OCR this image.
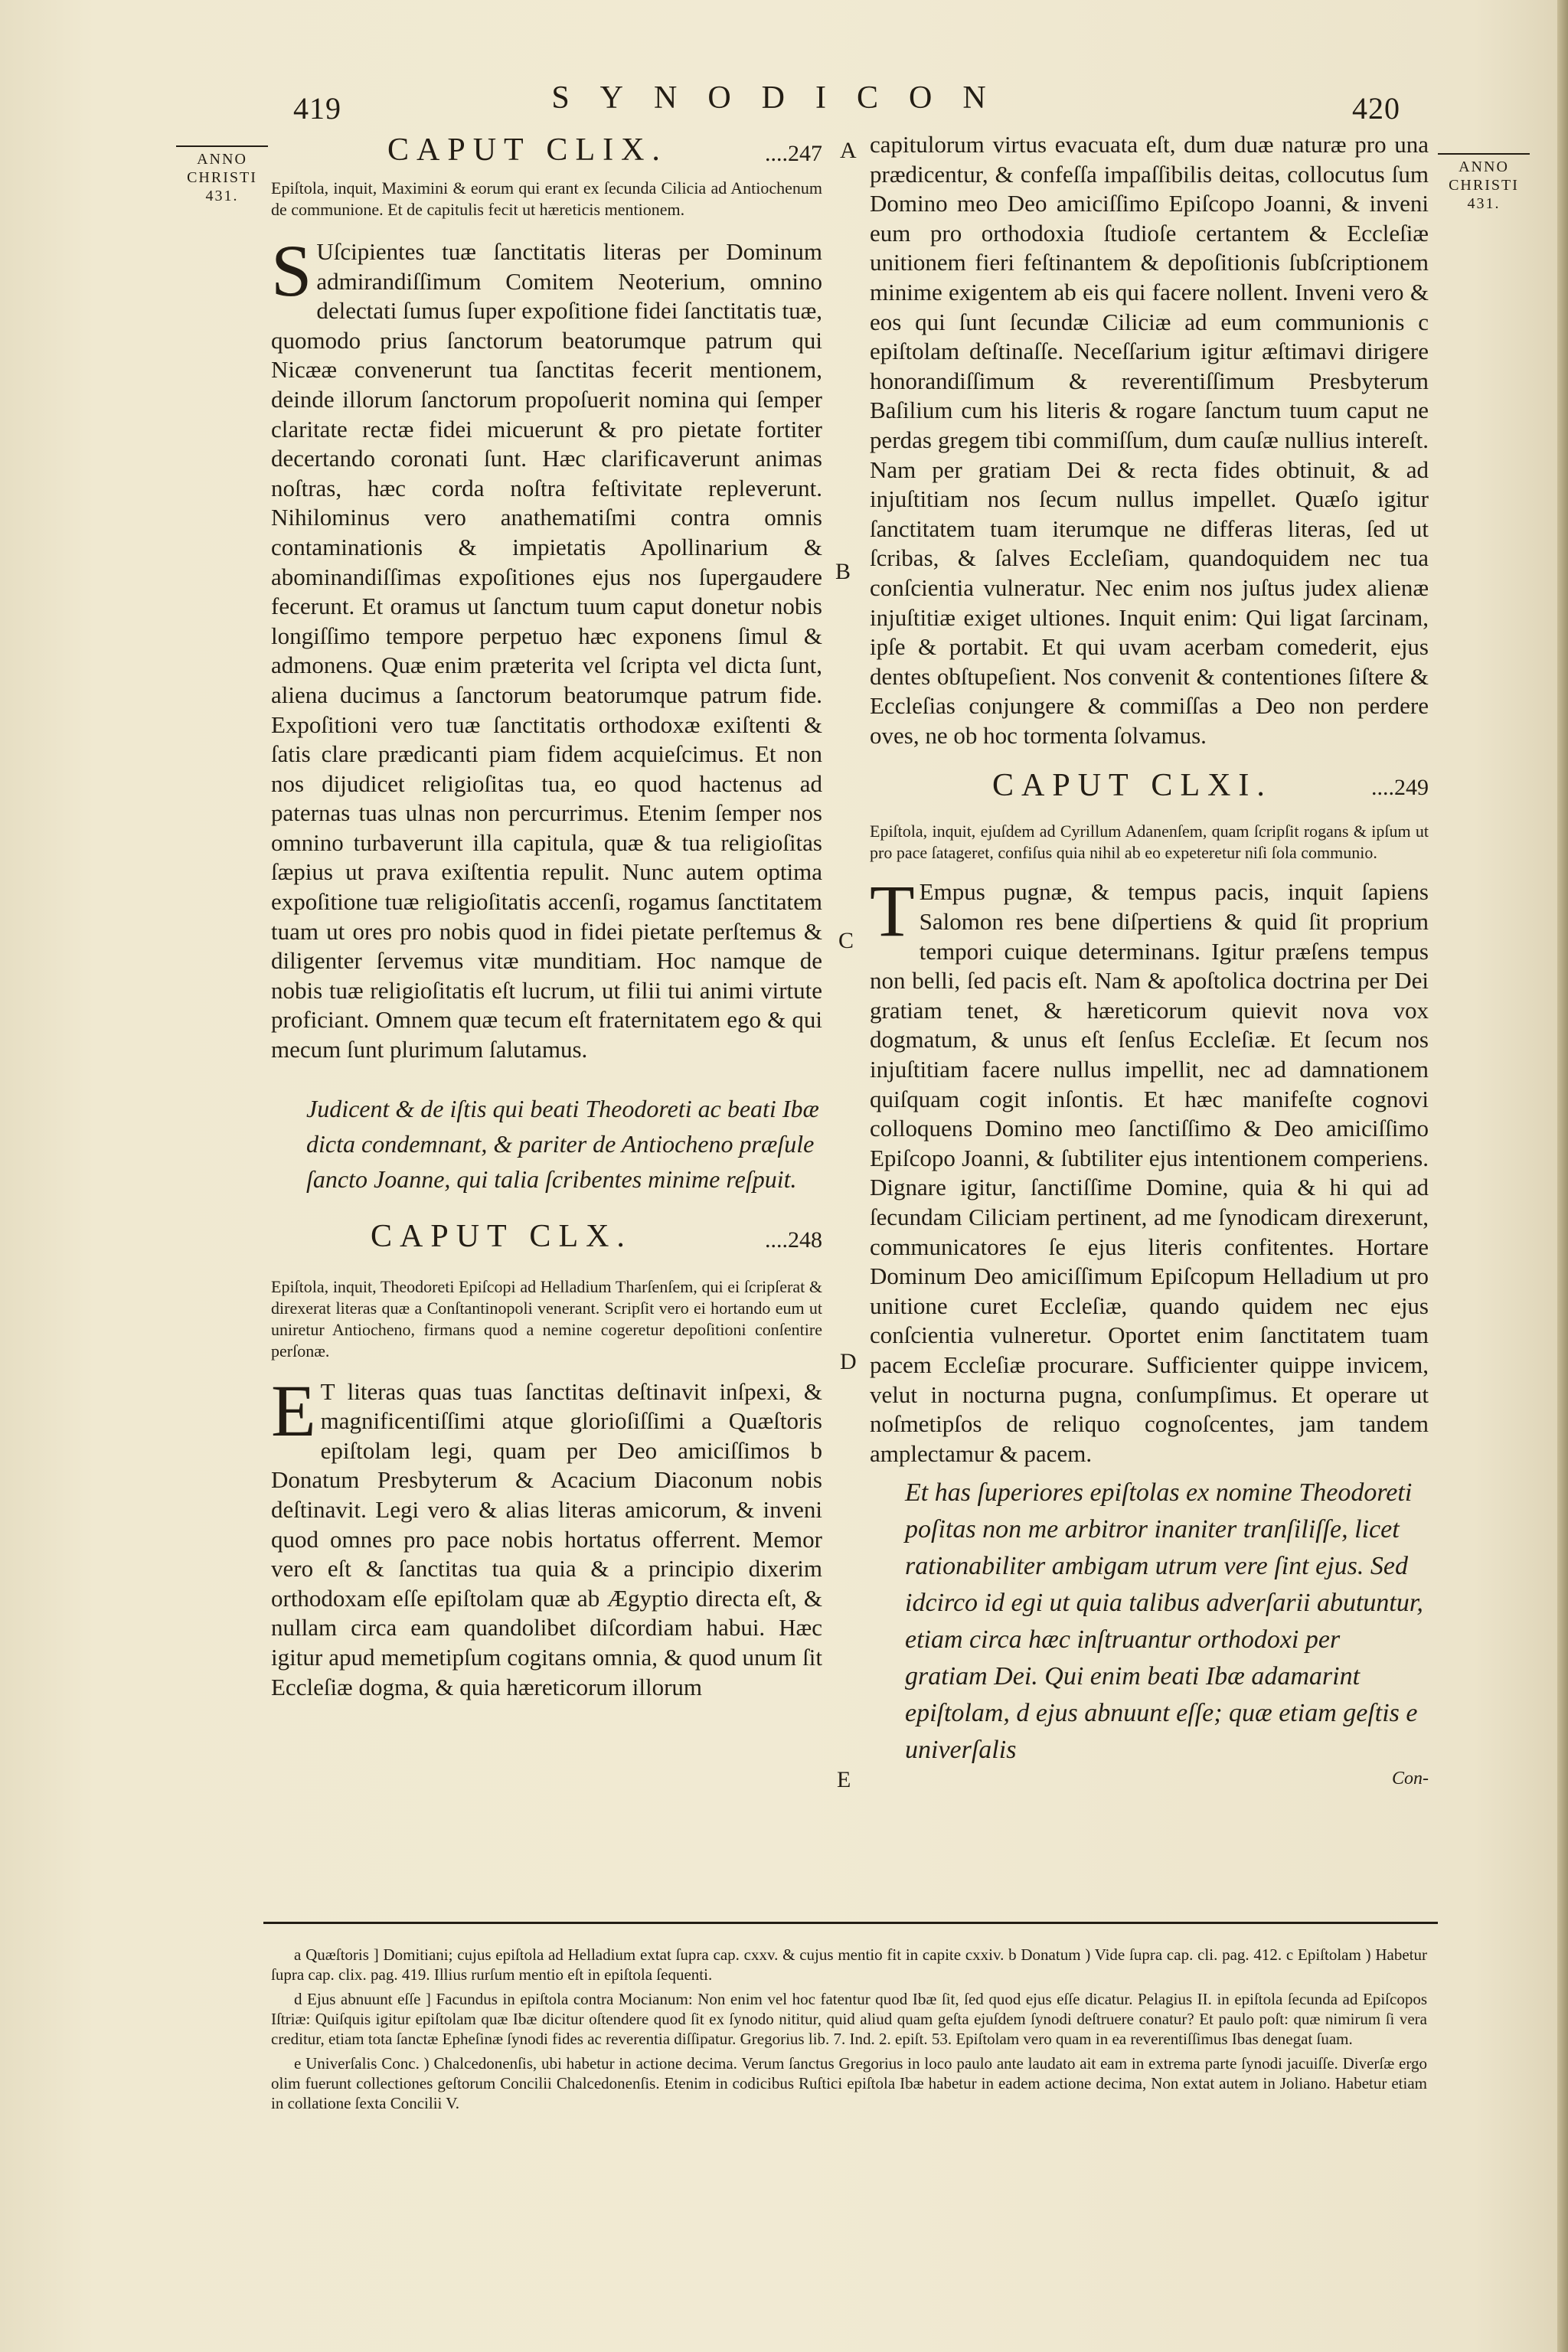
419	SYNODICON	420
ANNO
CHRISTI
431.
ANNO
CHRISTI
431.
A
B
C
D
E
CAPUT CLIX.	....247
Epiſtola, inquit, Maximini & eorum qui erant ex ſecunda Cilicia ad Antiochenum de communione. Et de capitulis fecit ut hæreticis mentionem.
SUſcipientes tuæ ſanctitatis literas per Dominum admirandiſſimum Comitem Neoterium, omnino delectati ſumus ſuper expoſitione fidei ſanctitatis tuæ, quomodo prius ſanctorum beatorumque patrum qui Nicææ convenerunt tua ſanctitas fecerit mentionem, deinde illorum ſanctorum propoſuerit nomina qui ſemper claritate rectæ fidei micuerunt & pro pietate fortiter decertando coronati ſunt. Hæc clarificaverunt animas noſtras, hæc corda noſtra feſtivitate repleverunt. Nihilominus vero anathematiſmi contra omnis contaminationis & impietatis Apollinarium & abominandiſſimas expoſitiones ejus nos ſupergaudere fecerunt. Et oramus ut ſanctum tuum caput donetur nobis longiſſimo tempore perpetuo hæc exponens ſimul & admonens. Quæ enim præterita vel ſcripta vel dicta ſunt, aliena ducimus a ſanctorum beatorumque patrum fide. Expoſitioni vero tuæ ſanctitatis orthodoxæ exiſtenti & ſatis clare prædicanti piam fidem acquieſcimus. Et non nos dijudicet religioſitas tua, eo quod hactenus ad paternas tuas ulnas non percurrimus. Etenim ſemper nos omnino turbaverunt illa capitula, quæ & tua religioſitas ſæpius ut prava exiſtentia repulit. Nunc autem optima expoſitione tuæ religioſitatis accenſi, rogamus ſanctitatem tuam ut ores pro nobis quod in fidei pietate perſtemus & diligenter ſervemus vitæ munditiam. Hoc namque de nobis tuæ religioſitatis eſt lucrum, ut filii tui animi virtute proficiant. Omnem quæ tecum eſt fraternitatem ego & qui mecum ſunt plurimum ſalutamus.
Judicent & de iſtis qui beati Theodoreti ac beati Ibæ dicta condemnant, & pariter de Antiocheno præſule ſancto Joanne, qui talia ſcribentes minime reſpuit.
CAPUT CLX.	....248
Epiſtola, inquit, Theodoreti Epiſcopi ad Helladium Tharſenſem, qui ei ſcripſerat & direxerat literas quæ a Conſtantinopoli venerant. Scripſit vero ei hortando eum ut uniretur Antiocheno, firmans quod a nemine cogeretur depoſitioni conſentire perſonæ.
ET literas quas tuas ſanctitas deſtinavit inſpexi, & magnificentiſſimi atque glorioſiſſimi a Quæſtoris epiſtolam legi, quam per Deo amiciſſimos b Donatum Presbyterum & Acacium Diaconum nobis deſtinavit. Legi vero & alias literas amicorum, & inveni quod omnes pro pace nobis hortatus offerrent. Memor vero eſt & ſanctitas tua quia & a principio dixerim orthodoxam eſſe epiſtolam quæ ab Ægyptio directa eſt, & nullam circa eam quandolibet diſcordiam habui. Hæc igitur apud memetipſum cogitans omnia, & quod unum ſit Eccleſiæ dogma, & quia hæreticorum illorum
capitulorum virtus evacuata eſt, dum duæ naturæ pro una prædicentur, & confeſſa impaſſibilis deitas, collocutus ſum Domino meo Deo amiciſſimo Epiſcopo Joanni, & inveni eum pro orthodoxia ſtudioſe certantem & Eccleſiæ unitionem fieri feſtinantem & depoſitionis ſubſcriptionem minime exigentem ab eis qui facere nollent. Inveni vero & eos qui ſunt ſecundæ Ciliciæ ad eum communionis c epiſtolam deſtinaſſe. Neceſſarium igitur æſtimavi dirigere honorandiſſimum & reverentiſſimum Presbyterum Baſilium cum his literis & rogare ſanctum tuum caput ne perdas gregem tibi commiſſum, dum cauſæ nullius intereſt. Nam per gratiam Dei & recta fides obtinuit, & ad injuſtitiam nos ſecum nullus impellet. Quæſo igitur ſanctitatem tuam iterumque ne differas literas, ſed ut ſcribas, & ſalves Eccleſiam, quandoquidem nec tua conſcientia vulneratur. Nec enim nos juſtus judex alienæ injuſtitiæ exiget ultiones. Inquit enim: Qui ligat ſarcinam, ipſe & portabit. Et qui uvam acerbam comederit, ejus dentes obſtupeſient. Nos convenit & contentiones ſiſtere & Eccleſias conjungere & commiſſas a Deo non perdere oves, ne ob hoc tormenta ſolvamus.
CAPUT CLXI.	....249
Epiſtola, inquit, ejuſdem ad Cyrillum Adanenſem, quam ſcripſit rogans & ipſum ut pro pace ſatageret, confiſus quia nihil ab eo expeteretur niſi ſola communio.
TEmpus pugnæ, & tempus pacis, inquit ſapiens Salomon res bene diſpertiens & quid ſit proprium tempori cuique determinans. Igitur præſens tempus non belli, ſed pacis eſt. Nam & apoſtolica doctrina per Dei gratiam tenet, & hæreticorum quievit nova vox dogmatum, & unus eſt ſenſus Eccleſiæ. Et ſecum nos injuſtitiam facere nullus impellit, nec ad damnationem quiſquam cogit inſontis. Et hæc manifeſte cognovi colloquens Domino meo ſanctiſſimo & Deo amiciſſimo Epiſcopo Joanni, & ſubtiliter ejus intentionem comperiens. Dignare igitur, ſanctiſſime Domine, quia & hi qui ad ſecundam Ciliciam pertinent, ad me ſynodicam direxerunt, communicatores ſe ejus literis confitentes. Hortare Dominum Deo amiciſſimum Epiſcopum Helladium ut pro unitione curet Eccleſiæ, quando quidem nec ejus conſcientia vulneretur. Oportet enim ſanctitatem tuam pacem Eccleſiæ procurare. Sufficienter quippe invicem, velut in nocturna pugna, conſumpſimus. Et operare ut noſmetipſos de reliquo cognoſcentes, jam tandem amplectamur & pacem.
Et has ſuperiores epiſtolas ex nomine Theodoreti poſitas non me arbitror inaniter tranſiliſſe, licet rationabiliter ambigam utrum vere ſint ejus. Sed idcirco id egi ut quia talibus adverſarii abutuntur, etiam circa hæc inſtruantur orthodoxi per gratiam Dei. Qui enim beati Ibæ adamarint epiſtolam, d ejus abnuunt eſſe; quæ etiam geſtis e univerſalis
Con-

a Quæſtoris ] Domitiani; cujus epiſtola ad Helladium extat ſupra cap. cxxv. & cujus mentio fit in capite cxxiv. b Donatum ) Vide ſupra cap. cli. pag. 412. c Epiſtolam ) Habetur ſupra cap. clix. pag. 419. Illius rurſum mentio eſt in epiſtola ſequenti.

d Ejus abnuunt eſſe ] Facundus in epiſtola contra Mocianum: Non enim vel hoc fatentur quod Ibæ ſit, ſed quod ejus eſſe dicatur. Pelagius II. in epiſtola ſecunda ad Epiſcopos Iſtriæ: Quiſquis igitur epiſtolam quæ Ibæ dicitur oſtendere quod ſit ex ſynodo nititur, quid aliud quam geſta ejuſdem ſynodi deſtruere conatur? Et paulo poſt: quæ nimirum ſi vera creditur, etiam tota ſanctæ Epheſinæ ſynodi fides ac reverentia diſſipatur. Gregorius lib. 7. Ind. 2. epiſt. 53. Epiſtolam vero quam in ea reverentiſſimus Ibas denegat ſuam.

e Univerſalis Conc. ) Chalcedonenſis, ubi habetur in actione decima. Verum ſanctus Gregorius in loco paulo ante laudato ait eam in extrema parte ſynodi jacuiſſe. Diverſæ ergo olim fuerunt collectiones geſtorum Concilii Chalcedonenſis. Etenim in codicibus Ruſtici epiſtola Ibæ habetur in eadem actione decima, Non extat autem in Joliano. Habetur etiam in collatione ſexta Concilii V.
